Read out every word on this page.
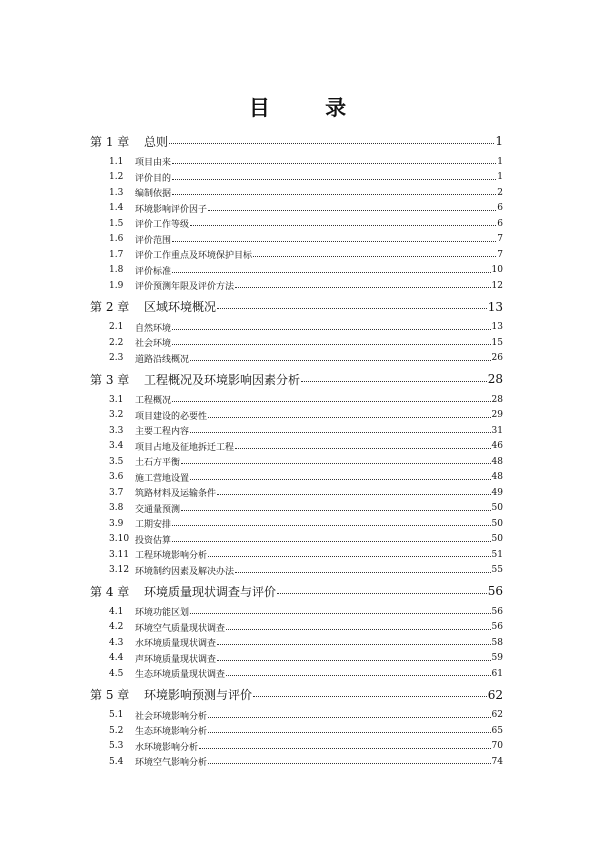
目 录
第 1 章	总则	1
1.1	项目由来	1
1.2	评价目的	1
1.3	编制依据	2
1.4	环境影响评价因子	6
1.5	评价工作等级	6
1.6	评价范围	7
1.7	评价工作重点及环境保护目标	7
1.8	评价标准	10
1.9	评价预测年限及评价方法	12
第 2 章	区域环境概况	13
2.1	自然环境	13
2.2	社会环境	15
2.3	道路沿线概况	26
第 3 章	工程概况及环境影响因素分析	28
3.1	工程概况	28
3.2	项目建设的必要性	29
3.3	主要工程内容	31
3.4	项目占地及征地拆迁工程	46
3.5	土石方平衡	48
3.6	施工营地设置	48
3.7	筑路材料及运输条件	49
3.8	交通量预测	50
3.9	工期安排	50
3.10 投资估算	50
3.11 工程环境影响分析	51
3.12 环境制约因素及解决办法	55
第 4 章	环境质量现状调查与评价	56
4.1	环境功能区划	56
4.2	环境空气质量现状调查	56
4.3	水环境质量现状调查	58
4.4	声环境质量现状调查	59
4.5	生态环境质量现状调查	61
第 5 章	环境影响预测与评价	62
5.1	社会环境影响分析	62
5.2	生态环境影响分析	65
5.3	水环境影响分析	70
5.4	环境空气影响分析	74
